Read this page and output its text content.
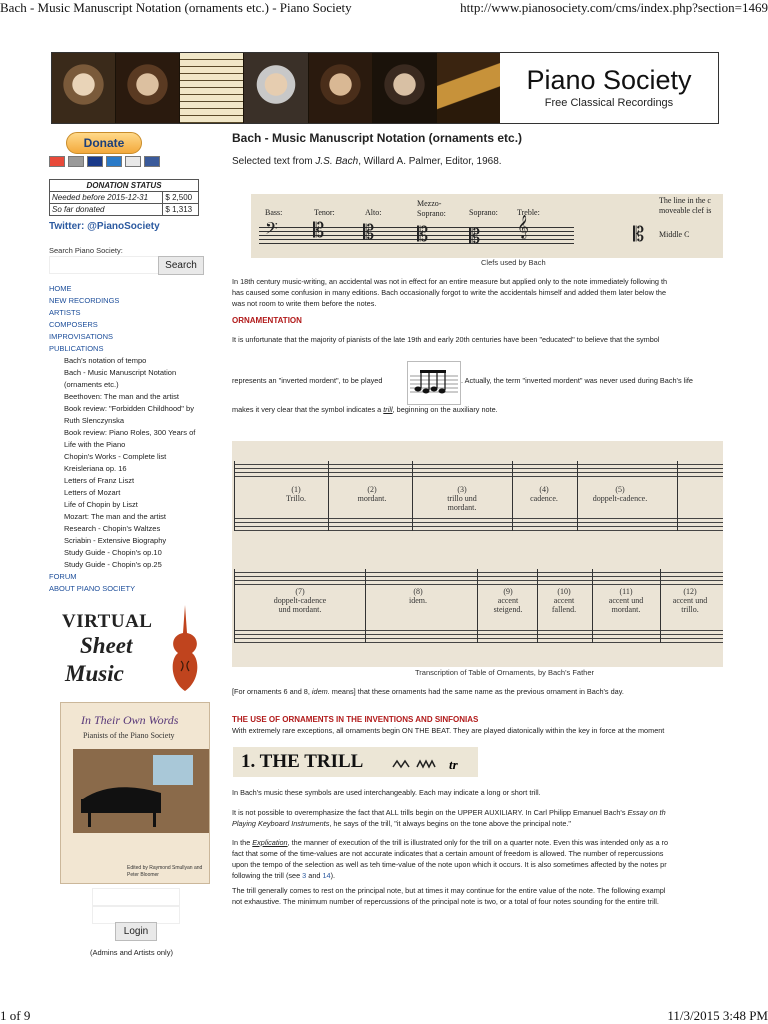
Bach - Music Manuscript Notation (ornaments etc.) - Piano Society	http://www.pianosociety.com/cms/index.php?section=1469
Piano Society
Free Classical Recordings
Donate
DONATION STATUS	
Needed before 2015-12-31	$ 2,500
So far donated	$ 1,313
Twitter: @PianoSociety
Search Piano Society:
Search
HOME
NEW RECORDINGS
ARTISTS
COMPOSERS
IMPROVISATIONS
PUBLICATIONS
Bach's notation of tempo
Bach - Music Manuscript Notation
(ornaments etc.)
Beethoven: The man and the artist
Book review: "Forbidden Childhood" by
Ruth Slenczynska
Book review: Piano Roles, 300 Years of
Life with the Piano
Chopin's Works - Complete list
Kreisleriana op. 16
Letters of Franz Liszt
Letters of Mozart
Life of Chopin by Liszt
Mozart: The man and the artist
Research - Chopin's Waltzes
Scriabin - Extensive Biography
Study Guide - Chopin's op.10
Study Guide - Chopin's op.25
FORUM
ABOUT PIANO SOCIETY
VIRTUAL
Sheet
Music
In Their Own Words
Pianists of the Piano Society
Edited by Raymond Smullyan and Peter Bloomer
Login
(Admins and Artists only)
Bach - Music Manuscript Notation (ornaments etc.)
Selected text from J.S. Bach, Willard A. Palmer, Editor, 1968.
Bass:	Tenor:	Alto:
Mezzo-
Soprano:	Soprano: Treble:
The line in the c
moveable clef is
Middle C
𝄢 𝄡 𝄡 𝄡 𝄡 𝄞	𝄡
Clefs used by Bach
In 18th century music-writing, an accidental was not in effect for an entire measure but applied only to the note immediately following th
has caused some confusion in many editions. Bach occasionally forgot to write the accidentals himself and added them later below the
was not room to write them before the notes.
ORNAMENTATION
It is unfortunate that the majority of pianists of the late 19th and early 20th centuries have been "educated" to believe that the symbol
represents an "inverted mordent", to be played	. Actually, the term "inverted mordent" was never used during Bach's life
makes it very clear that the symbol indicates a trill, beginning on the auxiliary note.
(1)
Trillo.
(2)
mordant.
(3)
trillo und
mordant.
(4)
cadence.
(5)
doppelt-cadence.
(7)
doppelt-cadence
und mordant.
(8)
idem.
(9)
accent
steigend.
(10)
accent
fallend.
(11)
accent und
mordant.
(12)
accent und
trillo.
Transcription of Table of Ornaments, by Bach's Father
[For ornaments 6 and 8, idem. means] that these ornaments had the same name as the previous ornament in Bach's day.
THE USE OF ORNAMENTS IN THE INVENTIONS AND SINFONIAS
With extremely rare exceptions, all ornaments begin ON THE BEAT. They are played diatonically within the key in force at the moment
1. THE TRILL	tr
In Bach's music these symbols are used interchangeably. Each may indicate a long or short trill.
It is not possible to overemphasize the fact that ALL trills begin on the UPPER AUXILIARY. In Carl Philipp Emanuel Bach's Essay on th
Playing Keyboard Instruments, he says of the trill, "it always begins on the tone above the principal note."
In the Explication, the manner of execution of the trill is illustrated only for the trill on a quarter note. Even this was intended only as a ro
fact that some of the time-values are not accurate indicates that a certain amount of freedom is allowed. The number of repercussions
upon the tempo of the selection as well as teh time-value of the note upon which it occurs. It is also sometimes affected by the notes pr
following the trill (see 3 and 14).
The trill generally comes to rest on the principal note, but at times it may continue for the entire value of the note. The following exampl
not exhaustive. The minimum number of repercussions of the principal note is two, or a total of four notes sounding for the entire trill.
1 of 9	11/3/2015 3:48 PM
